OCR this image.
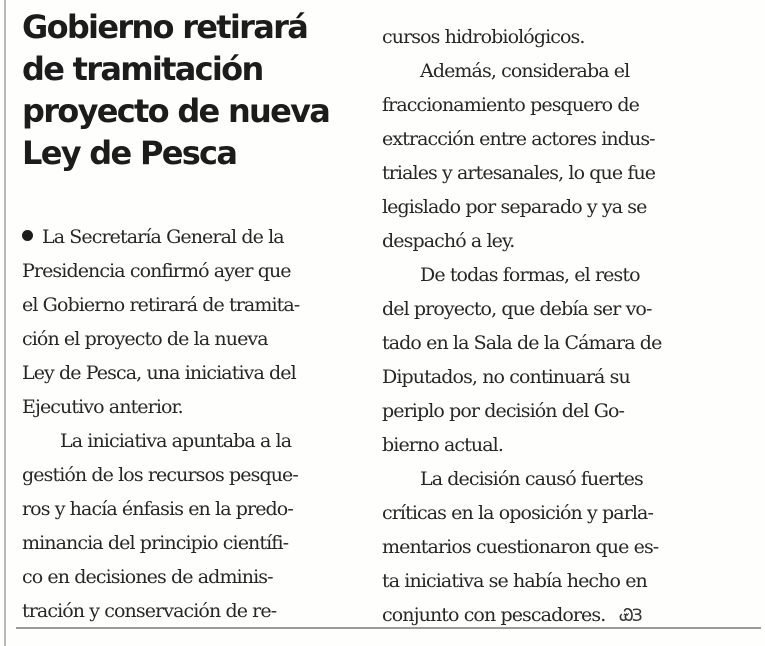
Gobierno retirará
de tramitación
proyecto de nueva
Ley de Pesca
La Secretaría General de la
Presidencia confirmó ayer que
el Gobierno retirará de tramita-
ción el proyecto de la nueva
Ley de Pesca, una iniciativa del
Ejecutivo anterior.
La iniciativa apuntaba a la
gestión de los recursos pesque-
ros y hacía énfasis en la predo-
minancia del principio científi-
co en decisiones de adminis-
tración y conservación de re-
cursos hidrobiológicos.
Además, consideraba el
fraccionamiento pesquero de
extracción entre actores indus-
triales y artesanales, lo que fue
legislado por separado y ya se
despachó a ley.
De todas formas, el resto
del proyecto, que debía ser vo-
tado en la Sala de la Cámara de
Diputados, no continuará su
periplo por decisión del Go-
bierno actual.
La decisión causó fuertes
críticas en la oposición y parla-
mentarios cuestionaron que es-
ta iniciativa se había hecho en
conjunto con pescadores. ᏯЗ
